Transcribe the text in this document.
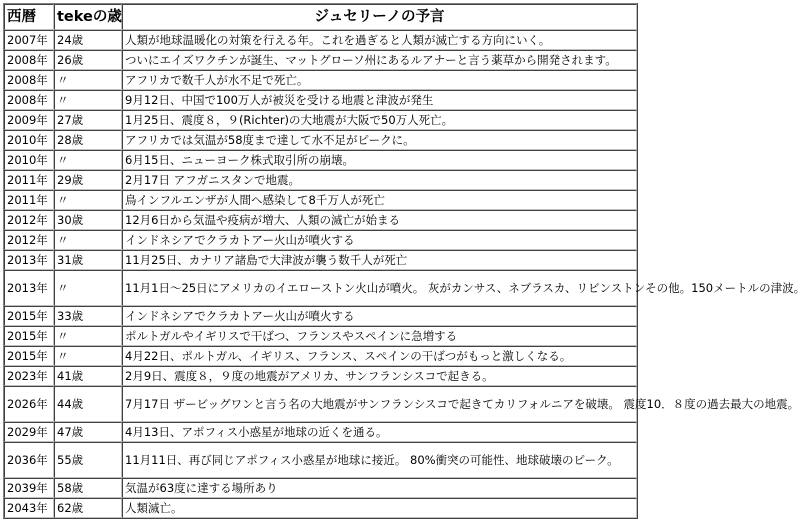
西暦	tekeの歳	ジュセリーノの予言
2007年	24歳	人類が地球温暖化の対策を行える年。これを過ぎると人類が滅亡する方向にいく。
2008年	26歳	ついにエイズワクチンが誕生、マットグローソ州にあるルアナーと言う薬草から開発されます。
2008年	〃	アフリカで数千人が水不足で死亡。
2008年	〃	9月12日、中国で100万人が被災を受ける地震と津波が発生
2009年	27歳	1月25日、震度８，９(Richter)の大地震が大阪で50万人死亡。
2010年	28歳	アフリカでは気温が58度まで達して水不足がピークに。
2010年	〃	6月15日、ニューヨーク株式取引所の崩壊。
2011年	29歳	2月17日 アフガニスタンで地震。
2011年	〃	鳥インフルエンザが人間へ感染して8千万人が死亡
2012年	30歳	12月6日から気温や疫病が増大、人類の滅亡が始まる
2012年	〃	インドネシアでクラカトアー火山が噴火する
2013年	31歳	11月25日、カナリア諸島で大津波が襲う数千人が死亡
2013年	〃	11月1日～25日にアメリカのイエローストン火山が噴火。 灰がカンサス、ネブラスカ、リビンストンその他。150メートルの津波。
2015年	33歳	インドネシアでクラカトアー火山が噴火する
2015年	〃	ポルトガルやイギリスで干ばつ、フランスやスペインに急増する
2015年	〃	4月22日、ポルトガル、イギリス、フランス、スペインの干ばつがもっと激しくなる。
2023年	41歳	2月9日、震度８，９度の地震がアメリカ、サンフランシスコで起きる。
2026年	44歳	7月17日 ザービッグワンと言う名の大地震がサンフランシスコで起きてカリフォルニアを破壊。 震度10．８度の過去最大の地震。
2029年	47歳	4月13日、アポフィス小惑星が地球の近くを通る。
2036年	55歳	11月11日、再び同じアポフィス小惑星が地球に接近。 80%衝突の可能性、地球破壊のピーク。
2039年	58歳	気温が63度に達する場所あり
2043年	62歳	人類滅亡。
